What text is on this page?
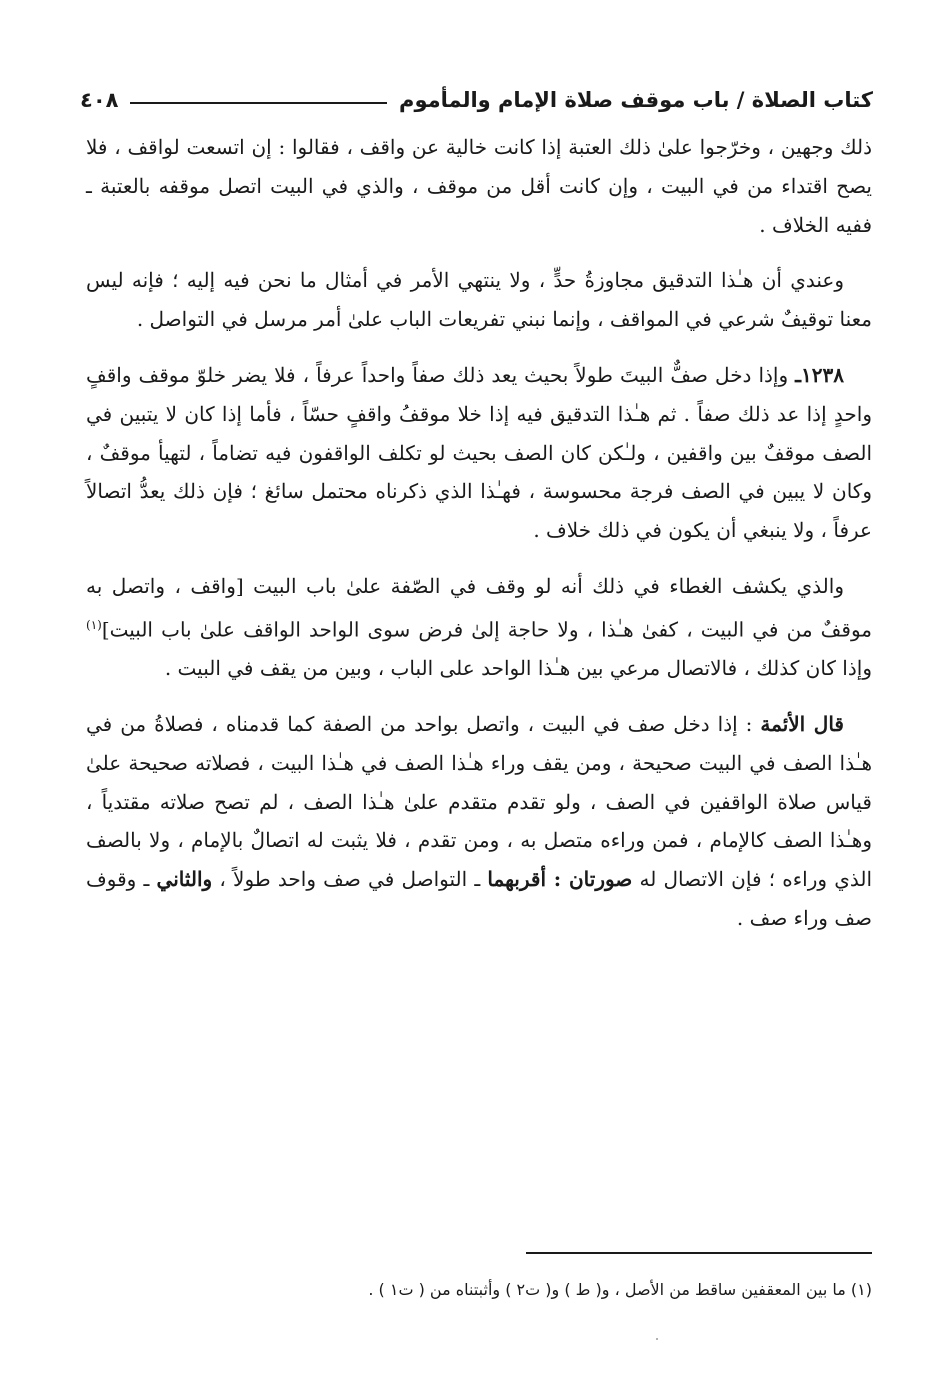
٤٠٨	كتاب الصلاة / باب موقف صلاة الإمام والمأموم

ذلك وجهين ، وخرّجوا علىٰ ذلك العتبة إذا كانت خالية عن واقف ، فقالوا : إن اتسعت لواقف ، فلا يصح اقتداء من في البيت ، وإن كانت أقل من موقف ، والذي في البيت اتصل موقفه بالعتبة ـ ففيه الخلاف .

وعندي أن هـٰذا التدقيق مجاوزةُ حدٍّ ، ولا ينتهي الأمر في أمثال ما نحن فيه إليه ؛ فإنه ليس معنا توقيفٌ شرعي في المواقف ، وإنما نبني تفريعات الباب علىٰ أمر مرسل في التواصل .

١٢٣٨ـ وإذا دخل صفٌّ البيتَ طولاً بحيث يعد ذلك صفاً واحداً عرفاً ، فلا يضر خلوّ موقف واقفٍ واحدٍ إذا عد ذلك صفاً . ثم هـٰذا التدقيق فيه إذا خلا موقفُ واقفٍ حسّاً ، فأما إذا كان لا يتبين في الصف موقفٌ بين واقفين ، ولـٰكن كان الصف بحيث لو تكلف الواقفون فيه تضاماً ، لتهيأ موقفٌ ، وكان لا يبين في الصف فرجة محسوسة ، فهـٰذا الذي ذكرناه محتمل سائغ ؛ فإن ذلك يعدُّ اتصالاً عرفاً ، ولا ينبغي أن يكون في ذلك خلاف .

والذي يكشف الغطاء في ذلك أنه لو وقف في الصّفة علىٰ باب البيت [واقف ، واتصل به موقفٌ من في البيت ، كفىٰ هـٰذا ، ولا حاجة إلىٰ فرض سوى الواحد الواقف علىٰ باب البيت]$^{(١)}$ وإذا كان كذلك ، فالاتصال مرعي بين هـٰذا الواحد على الباب ، وبين من يقف في البيت .

قال الأئمة : إذا دخل صف في البيت ، واتصل بواحد من الصفة كما قدمناه ، فصلاةُ من في هـٰذا الصف في البيت صحيحة ، ومن يقف وراء هـٰذا الصف في هـٰذا البيت ، فصلاته صحيحة علىٰ قياس صلاة الواقفين في الصف ، ولو تقدم متقدم علىٰ هـٰذا الصف ، لم تصح صلاته مقتدياً ، وهـٰذا الصف كالإمام ، فمن وراءه متصل به ، ومن تقدم ، فلا يثبت له اتصالٌ بالإمام ، ولا بالصف الذي وراءه ؛ فإن الاتصال له صورتان : أقربهما ـ التواصل في صف واحد طولاً ، والثاني ـ وقوف صف وراء صف .

(١) ما بين المعقفين ساقط من الأصل ، و( ط ) و( ت٢ ) وأثبتناه من ( ت١ ) .
